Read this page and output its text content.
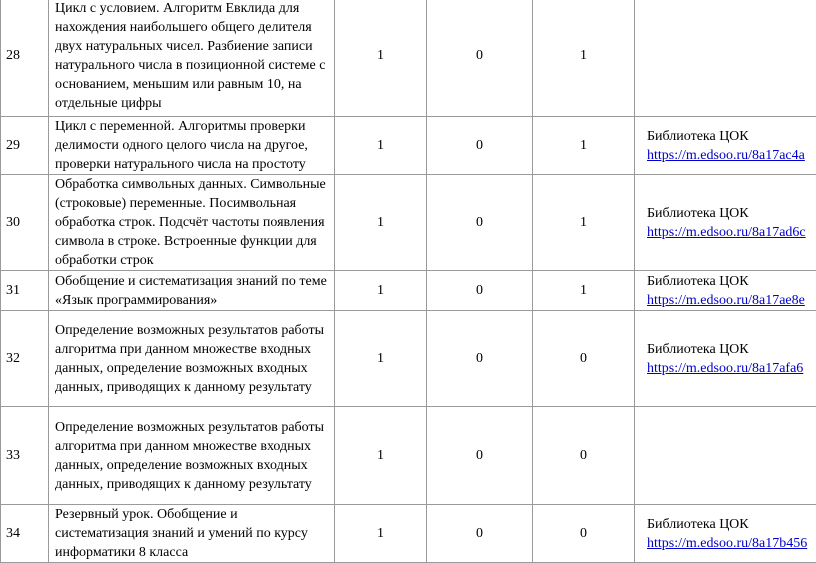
28	Цикл с условием. Алгоритм Евклида для нахождения наибольшего общего делителя двух натуральных чисел. Разбиение записи натурального числа в позиционной системе с основанием, меньшим или равным 10, на отдельные цифры	1	0	1	
29	Цикл с переменной. Алгоритмы проверки делимости одного целого числа на другое, проверки натурального числа на простоту	1	0	1	Библиотека ЦОК
https://m.edsoo.ru/8a17ac4a

30	Обработка символьных данных. Символьные (строковые) переменные. Посимвольная обработка строк. Подсчёт частоты появления символа в строке. Встроенные функции для обработки строк	1	0	1	Библиотека ЦОК
https://m.edsoo.ru/8a17ad6c

31	Обобщение и систематизация знаний по теме «Язык программирования»	1	0	1	Библиотека ЦОК
https://m.edsoo.ru/8a17ae8e

32	Определение возможных результатов работы алгоритма при данном множестве входных данных, определение возможных входных данных, приводящих к данному результату	1	0	0	Библиотека ЦОК
https://m.edsoo.ru/8a17afa6

33	Определение возможных результатов работы алгоритма при данном множестве входных данных, определение возможных входных данных, приводящих к данному результату	1	0	0	
34	Резервный урок. Обобщение и систематизация знаний и умений по курсу информатики 8 класса	1	0	0	Библиотека ЦОК
https://m.edsoo.ru/8a17b456
